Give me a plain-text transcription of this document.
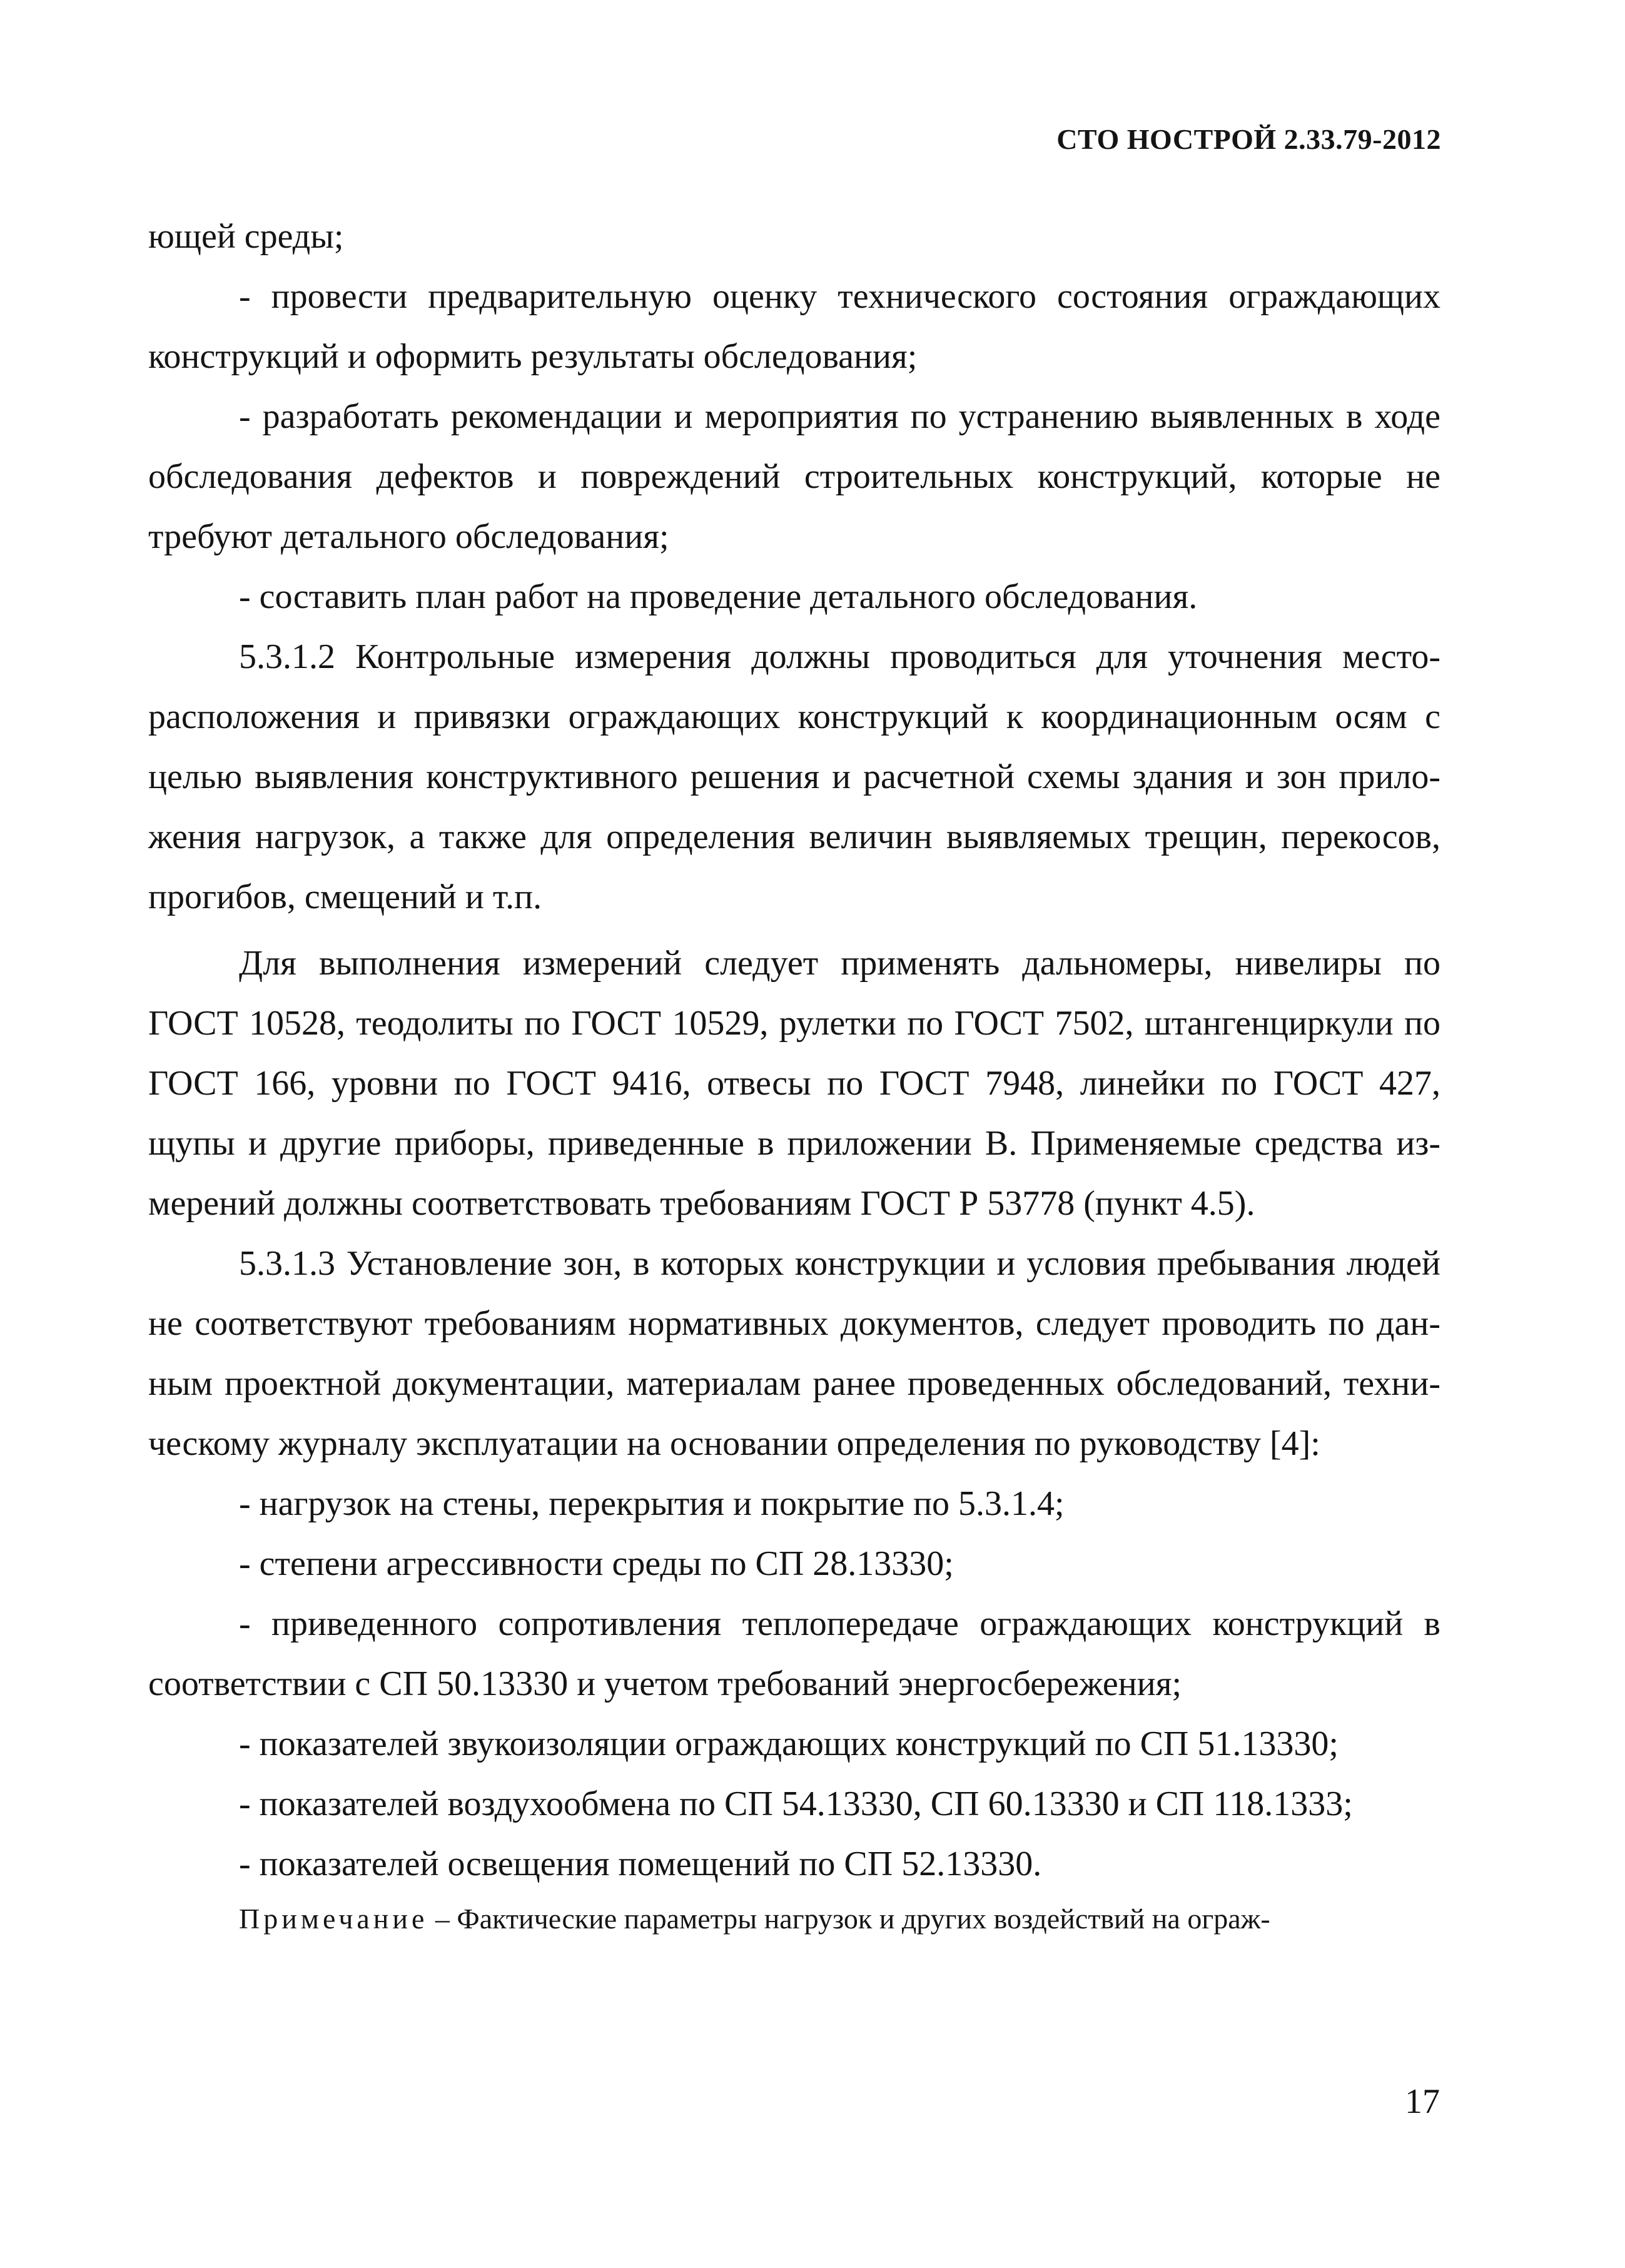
СТО НОСТРОЙ 2.33.79-2012

ющей среды;

- провести предварительную оценку технического состояния ограждающих конструкций и оформить результаты обследования;

- разработать рекомендации и мероприятия по устранению выявленных в ходе обследования дефектов и повреждений строительных конструкций, которые не требуют детального обследования;

- составить план работ на проведение детального обследования.

5.3.1.2 Контрольные измерения должны проводиться для уточнения место-расположения и привязки ограждающих конструкций к координационным осям с целью выявления конструктивного решения и расчетной схемы здания и зон прило-жения нагрузок, а также для определения величин выявляемых трещин, перекосов, прогибов, смещений и т.п.

Для выполнения измерений следует применять дальномеры, нивелиры по ГОСТ 10528, теодолиты по ГОСТ 10529, рулетки по ГОСТ 7502, штангенциркули по ГОСТ 166, уровни по ГОСТ 9416, отвесы по ГОСТ 7948, линейки по ГОСТ 427, щупы и другие приборы, приведенные в приложении В. Применяемые средства из-мерений должны соответствовать требованиям ГОСТ Р 53778 (пункт 4.5).

5.3.1.3 Установление зон, в которых конструкции и условия пребывания людей не соответствуют требованиям нормативных документов, следует проводить по дан-ным проектной документации, материалам ранее проведенных обследований, техни-ческому журналу эксплуатации на основании определения по руководству [4]:

- нагрузок на стены, перекрытия и покрытие по 5.3.1.4;

- степени агрессивности среды по СП 28.13330;

- приведенного сопротивления теплопередаче ограждающих конструкций в соответствии с СП 50.13330 и учетом требований энергосбережения;

- показателей звукоизоляции ограждающих конструкций по СП 51.13330;

- показателей воздухообмена по СП 54.13330, СП 60.13330 и СП 118.1333;

- показателей освещения помещений по СП 52.13330.

Примечание – Фактические параметры нагрузок и других воздействий на ограж-

17
